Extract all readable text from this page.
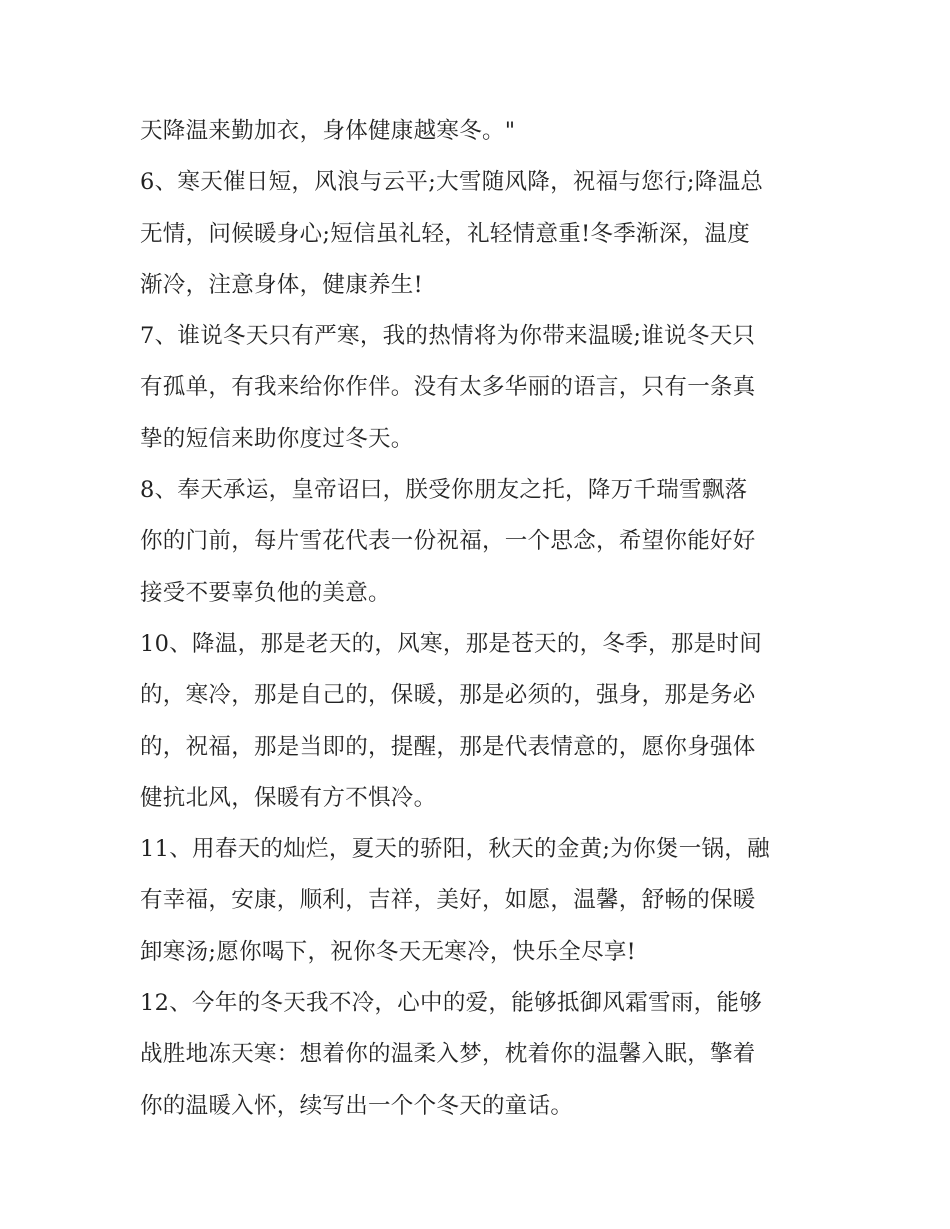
天降温来勤加衣，身体健康越寒冬。"

6、寒天催日短，风浪与云平;大雪随风降，祝福与您行;降温总
无情，问候暖身心;短信虽礼轻，礼轻情意重!冬季渐深，温度
渐冷，注意身体，健康养生!

7、谁说冬天只有严寒，我的热情将为你带来温暖;谁说冬天只
有孤单，有我来给你作伴。没有太多华丽的语言，只有一条真
挚的短信来助你度过冬天。

8、奉天承运，皇帝诏曰，朕受你朋友之托，降万千瑞雪飘落
你的门前，每片雪花代表一份祝福，一个思念，希望你能好好
接受不要辜负他的美意。

10、降温，那是老天的，风寒，那是苍天的，冬季，那是时间
的，寒冷，那是自己的，保暖，那是必须的，强身，那是务必
的，祝福，那是当即的，提醒，那是代表情意的，愿你身强体
健抗北风，保暖有方不惧冷。

11、用春天的灿烂，夏天的骄阳，秋天的金黄;为你煲一锅，融
有幸福，安康，顺利，吉祥，美好，如愿，温馨，舒畅的保暖
卸寒汤;愿你喝下，祝你冬天无寒冷，快乐全尽享!

12、今年的冬天我不冷，心中的爱，能够抵御风霜雪雨，能够
战胜地冻天寒：想着你的温柔入梦，枕着你的温馨入眠，擎着
你的温暖入怀，续写出一个个冬天的童话。
